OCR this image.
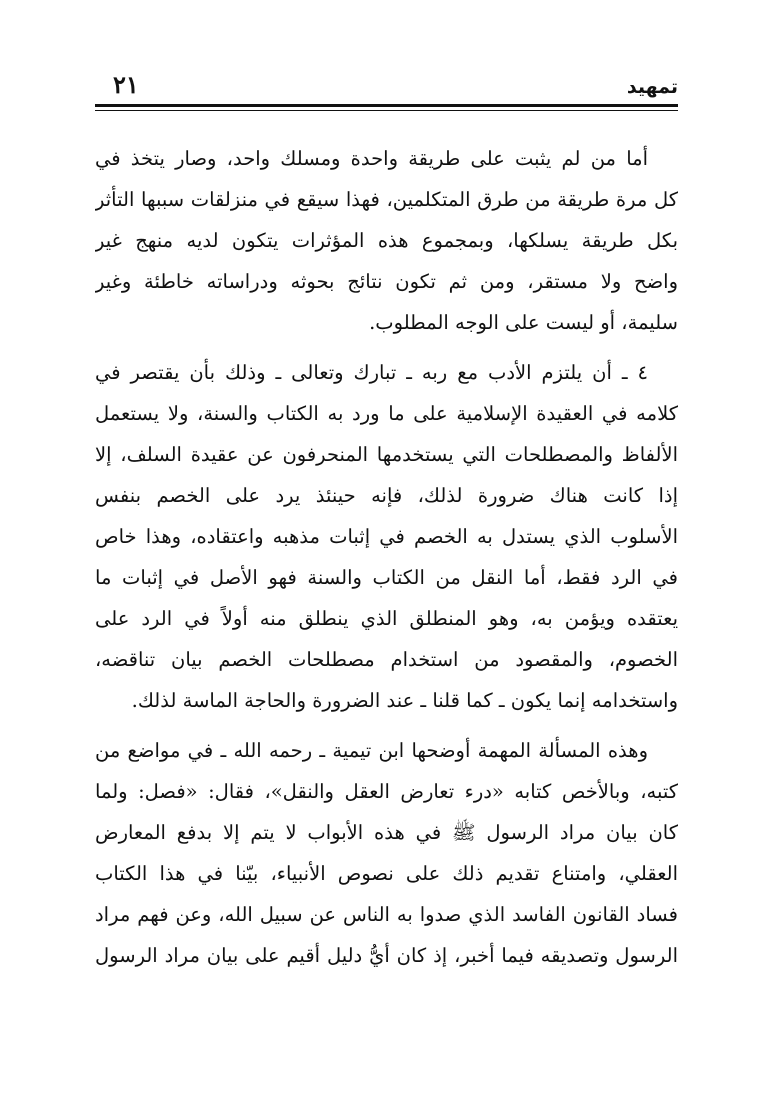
تمهيد
٢١
أما من لم يثبت على طريقة واحدة ومسلك واحد، وصار يتخذ في
كل مرة طريقة من طرق المتكلمين، فهذا سيقع في منزلقات سببها التأثر
بكل طريقة يسلكها، وبمجموع هذه المؤثرات يتكون لديه منهج غير
واضح ولا مستقر، ومن ثم تكون نتائج بحوثه ودراساته خاطئة وغير
سليمة، أو ليست على الوجه المطلوب.
٤ ـ أن يلتزم الأدب مع ربه ـ تبارك وتعالى ـ وذلك بأن يقتصر في
كلامه في العقيدة الإسلامية على ما ورد به الكتاب والسنة، ولا يستعمل
الألفاظ والمصطلحات التي يستخدمها المنحرفون عن عقيدة السلف، إلا
إذا كانت هناك ضرورة لذلك، فإنه حينئذ يرد على الخصم بنفس
الأسلوب الذي يستدل به الخصم في إثبات مذهبه واعتقاده، وهذا خاص
في الرد فقط، أما النقل من الكتاب والسنة فهو الأصل في إثبات ما
يعتقده ويؤمن به، وهو المنطلق الذي ينطلق منه أولاً في الرد على
الخصوم، والمقصود من استخدام مصطلحات الخصم بيان تناقضه،
واستخدامه إنما يكون ـ كما قلنا ـ عند الضرورة والحاجة الماسة لذلك.
وهذه المسألة المهمة أوضحها ابن تيمية ـ رحمه الله ـ في مواضع من
كتبه، وبالأخص كتابه «درء تعارض العقل والنقل»، فقال: «فصل: ولما
كان بيان مراد الرسول ﷺ في هذه الأبواب لا يتم إلا بدفع المعارض
العقلي، وامتناع تقديم ذلك على نصوص الأنبياء، بيّنا في هذا الكتاب
فساد القانون الفاسد الذي صدوا به الناس عن سبيل الله، وعن فهم مراد
الرسول وتصديقه فيما أخبر، إذ كان أيُّ دليل أقيم على بيان مراد الرسول
